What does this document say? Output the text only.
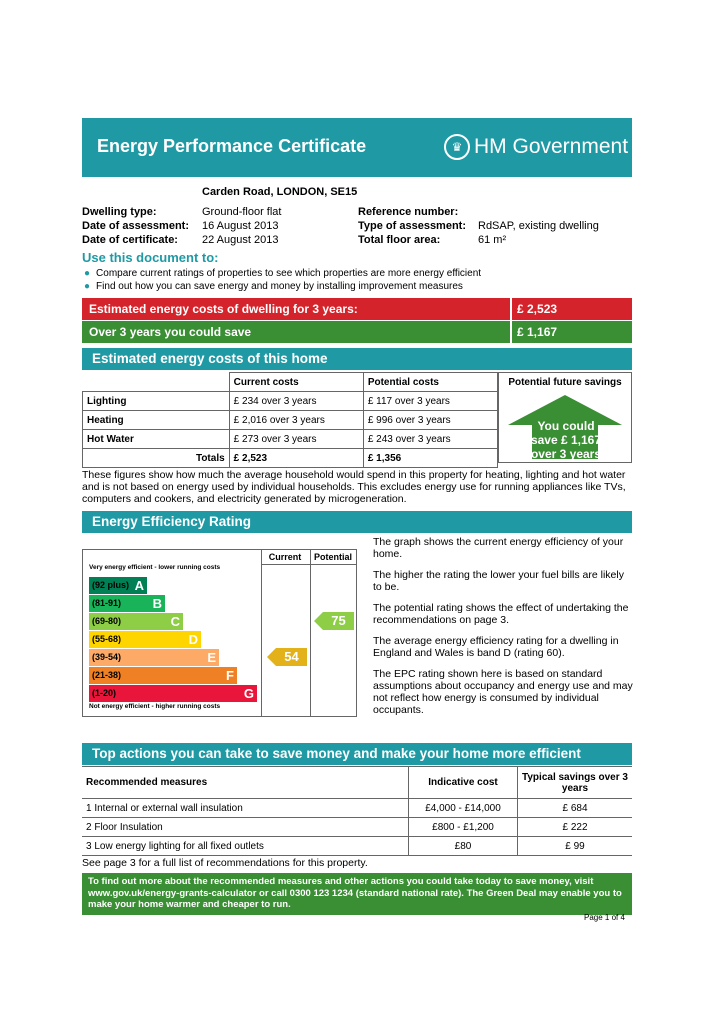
Energy Performance Certificate	♛ HM Government
Carden Road, LONDON, SE15
Dwelling type:	Ground-floor flat
Date of assessment: 16 August 2013
Date of certificate: 22 August 2013
Reference number:
Type of assessment: RdSAP, existing dwelling
Total floor area:	61 m²
Use this document to:
● Compare current ratings of properties to see which properties are more energy efficient
● Find out how you can save energy and money by installing improvement measures
Estimated energy costs of dwelling for 3 years:	£ 2,523
Over 3 years you could save	£ 1,167
Estimated energy costs of this home
	Current costs	Potential costs
Lighting	£ 234 over 3 years	£ 117 over 3 years
Heating	£ 2,016 over 3 years	£ 996 over 3 years
Hot Water	£ 273 over 3 years	£ 243 over 3 years
Totals	£ 2,523	£ 1,356
Potential future savings
You could
save £ 1,167
over 3 years
These figures show how much the average household would spend in this property for heating, lighting and hot water and is not based on energy used by individual households. This excludes energy use for running appliances like TVs, computers and cookers, and electricity generated by microgeneration.
Energy Efficiency Rating
Current	Potential
Very energy efficient - lower running costs
(92 plus) A
(81-91) B
(69-80)	C
(55-68)	D
(39-54)	E
(21-38)	F
(1-20)	G
Not energy efficient - higher running costs
54
75

The graph shows the current energy efficiency of your home.

The higher the rating the lower your fuel bills are likely to be.

The potential rating shows the effect of undertaking the recommendations on page 3.

The average energy efficiency rating for a dwelling in England and Wales is band D (rating 60).

The EPC rating shown here is based on standard assumptions about occupancy and energy use and may not reflect how energy is consumed by individual occupants.

Top actions you can take to save money and make your home more efficient
Recommended measures	Indicative cost	Typical savings over 3 years
1 Internal or external wall insulation	£4,000 - £14,000	£ 684
2 Floor Insulation	£800 - £1,200	£ 222
3 Low energy lighting for all fixed outlets	£80	£ 99
See page 3 for a full list of recommendations for this property.
To find out more about the recommended measures and other actions you could take today to save money, visit www.gov.uk/energy-grants-calculator or call 0300 123 1234 (standard national rate). The Green Deal may enable you to make your home warmer and cheaper to run.
Page 1 of 4
